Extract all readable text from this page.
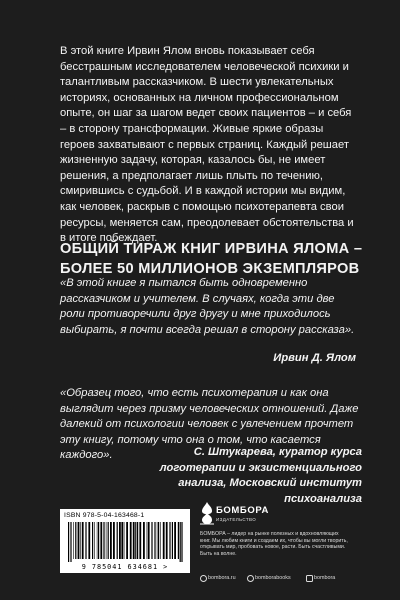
В этой книге Ирвин Ялом вновь показывает себя бесстрашным исследователем человеческой психики и талантливым рассказчиком. В шести увлекательных историях, основанных на личном профессиональном опыте, он шаг за шагом ведет своих пациентов – и себя – в сторону трансформации. Живые яркие образы героев захватывают с первых страниц. Каждый решает жизненную задачу, которая, казалось бы, не имеет решения, а предполагает лишь плыть по течению, смирившись с судьбой. И в каждой истории мы видим, как человек, раскрыв с помощью психотерапевта свои ресурсы, меняется сам, преодолевает обстоятельства и в итоге побеждает.
ОБЩИЙ ТИРАЖ КНИГ ИРВИНА ЯЛОМА –
БОЛЕЕ 50 МИЛЛИОНОВ ЭКЗЕМПЛЯРОВ
«В этой книге я пытался быть одновременно рассказчиком и учителем. В случаях, когда эти две роли противоречили друг другу и мне приходилось выбирать, я почти всегда решал в сторону рассказа».
Ирвин Д. Ялом
«Образец того, что есть психотерапия и как она выглядит через призму человеческих отношений. Даже далекий от психологии человек с увлечением прочтет эту книгу, потому что она о том, что касается каждого».	С. Штукарева, куратор курса логотерапии и экзистенциального анализа, Московский институт психоанализа
ISBN 978-5-04-163468-1
9 785041 634681 >
БОМБОРА
ИЗДАТЕЛЬСТВО
БОМБОРА – лидер на рынке полезных и вдохновляющих книг. Мы любим книги и создаем их, чтобы вы могли творить, открывать мир, пробовать новое, расти. Быть счастливыми. Быть на волне.
bombora.ru	bomborabooks	bombora
